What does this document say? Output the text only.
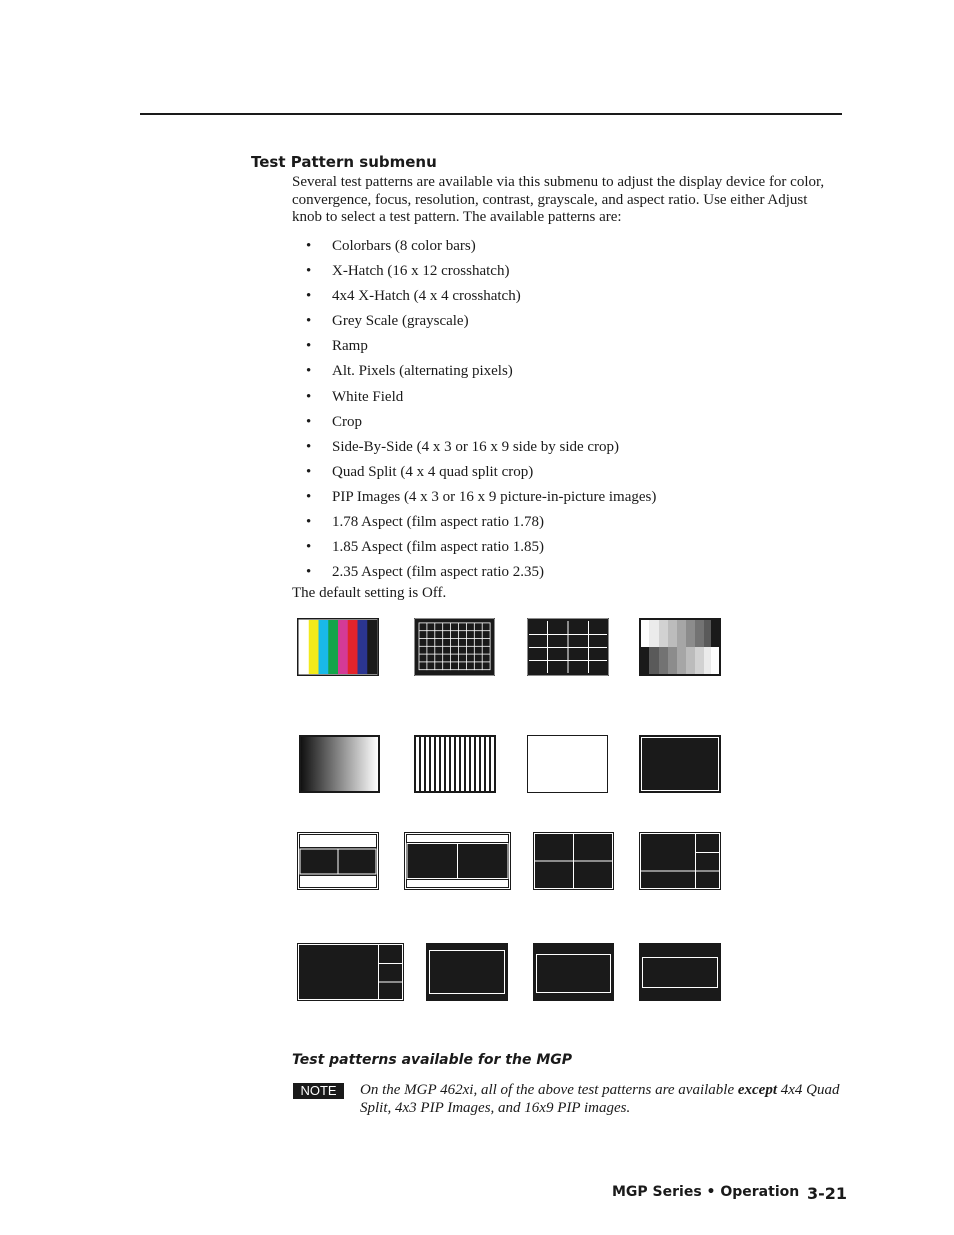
Test Pattern submenu
Several test patterns are available via this submenu to adjust the display device for color, convergence, focus, resolution, contrast, grayscale, and aspect ratio. Use either Adjust knob to select a test pattern. The available patterns are:
• Colorbars (8 color bars)
• X-Hatch (16 x 12 crosshatch)
• 4x4 X-Hatch (4 x 4 crosshatch)
• Grey Scale (grayscale)
• Ramp
• Alt. Pixels (alternating pixels)
• White Field
• Crop
• Side-By-Side (4 x 3 or 16 x 9 side by side crop)
• Quad Split (4 x 4 quad split crop)
• PIP Images (4 x 3 or 16 x 9 picture-in-picture images)
• 1.78 Aspect (film aspect ratio 1.78)
• 1.85 Aspect (film aspect ratio 1.85)
• 2.35 Aspect (film aspect ratio 2.35)
The default setting is Off.
Test patterns available for the MGP
NOTE	On the MGP 462xi, all of the above test patterns are available except 4x4 Quad Split, 4x3 PIP Images, and 16x9 PIP images.
MGP Series • Operation 3-21
